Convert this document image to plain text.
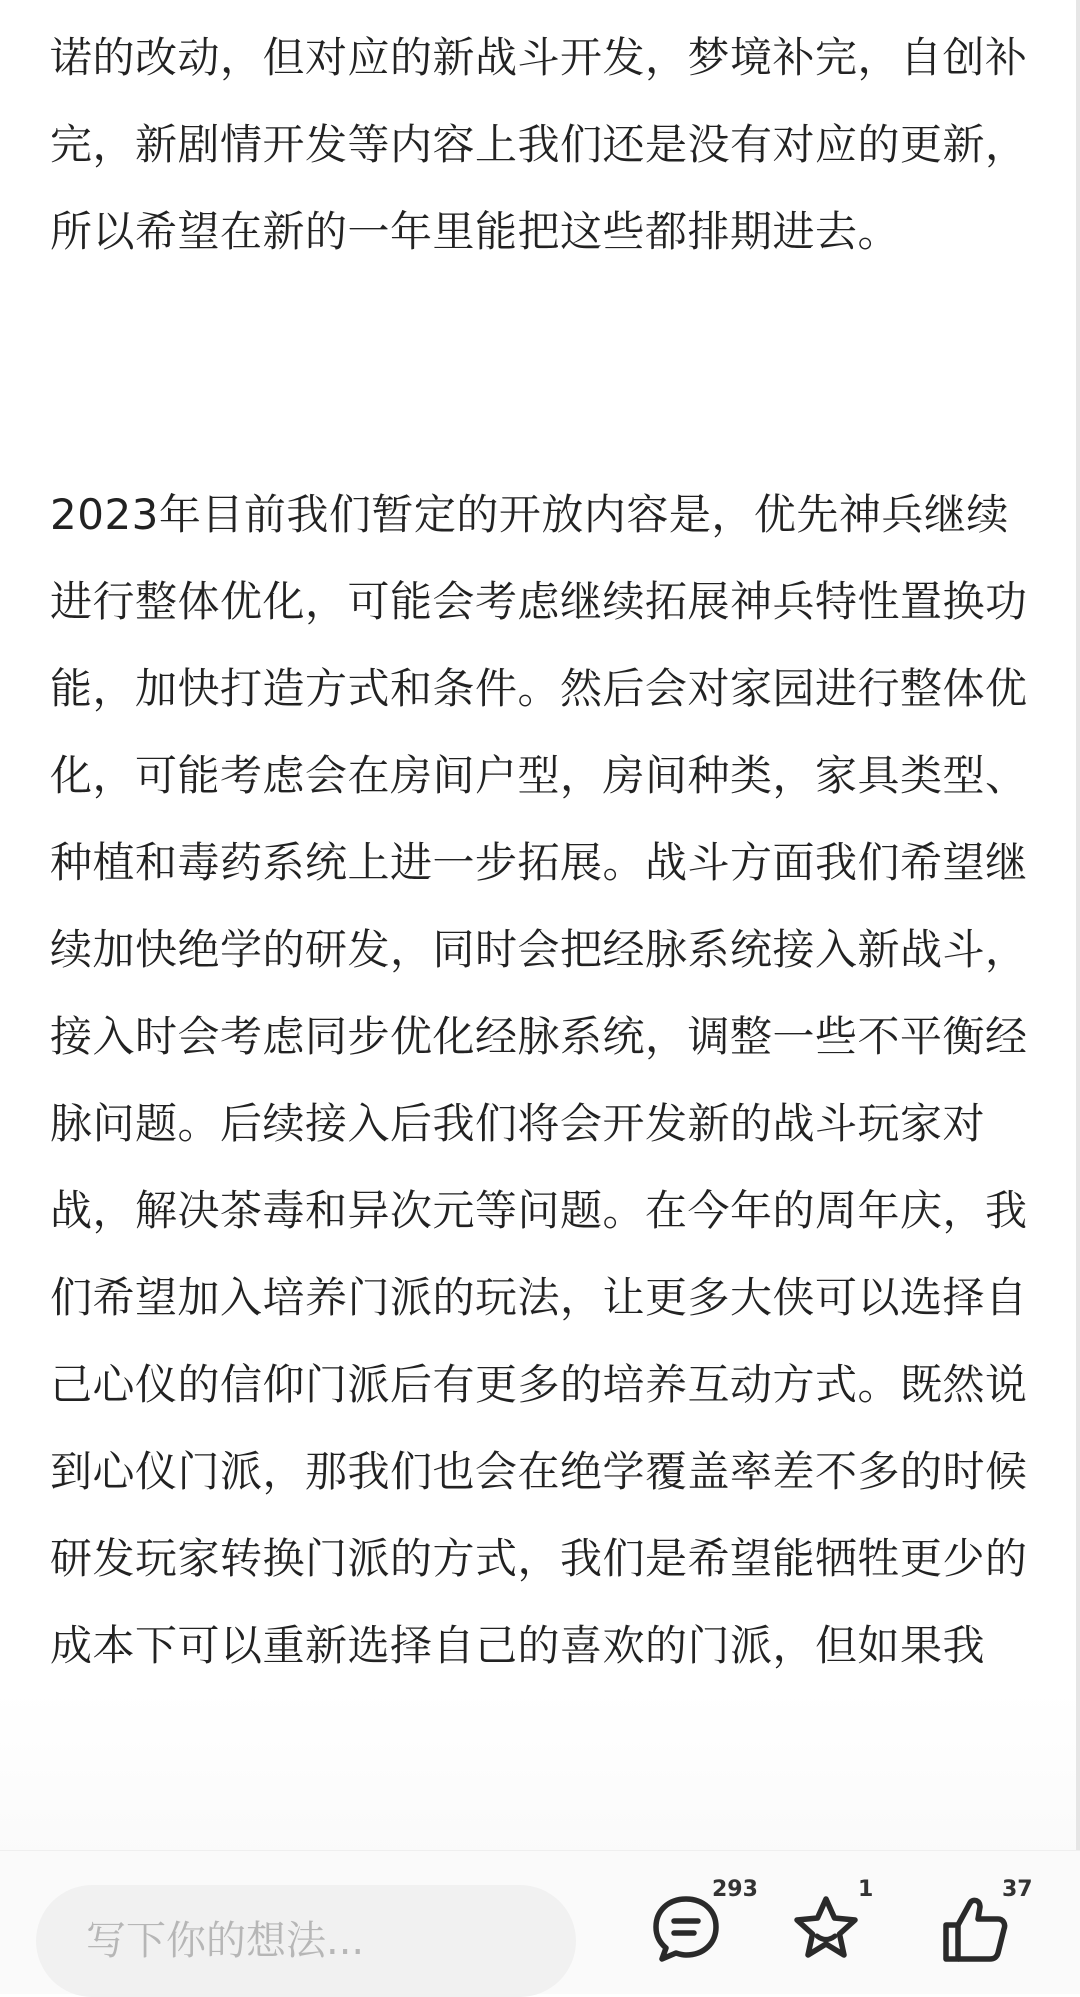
诺的改动，但对应的新战斗开发，梦境补完，自创补完，新剧情开发等内容上我们还是没有对应的更新，所以希望在新的一年里能把这些都排期进去。

2023年目前我们暂定的开放内容是，优先神兵继续进行整体优化，可能会考虑继续拓展神兵特性置换功能，加快打造方式和条件。然后会对家园进行整体优化，可能考虑会在房间户型，房间种类，家具类型、种植和毒药系统上进一步拓展。战斗方面我们希望继续加快绝学的研发，同时会把经脉系统接入新战斗，接入时会考虑同步优化经脉系统，调整一些不平衡经脉问题。后续接入后我们将会开发新的战斗玩家对战，解决茶毒和异次元等问题。在今年的周年庆，我们希望加入培养门派的玩法，让更多大侠可以选择自己心仪的信仰门派后有更多的培养互动方式。既然说到心仪门派，那我们也会在绝学覆盖率差不多的时候研发玩家转换门派的方式，我们是希望能牺牲更少的成本下可以重新选择自己的喜欢的门派，但如果我

写下你的想法...
293	1	37
